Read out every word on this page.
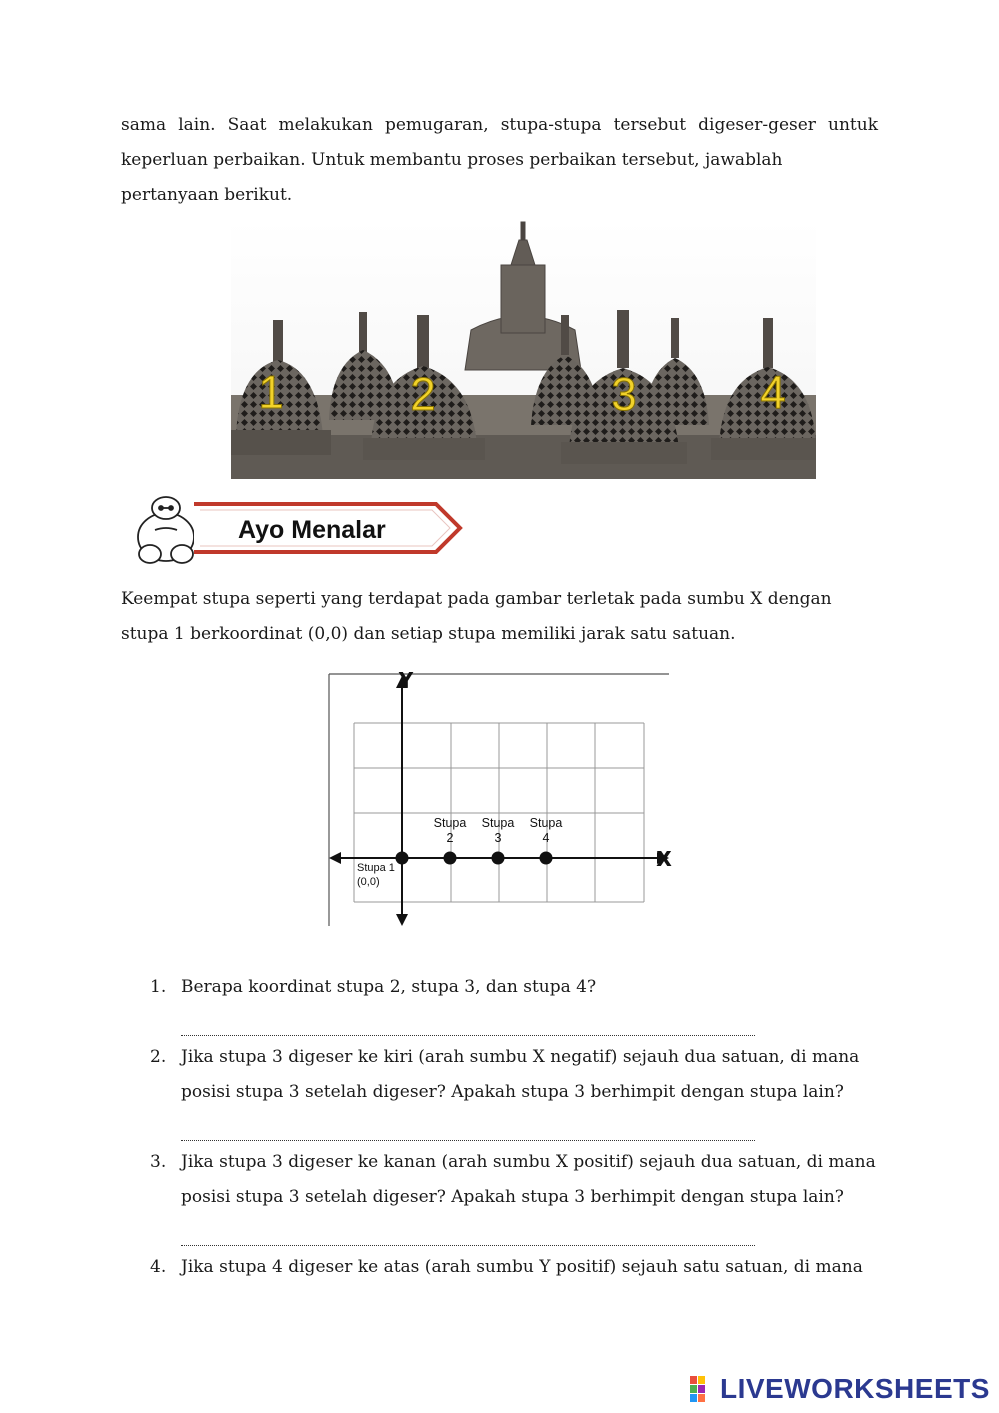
sama lain. Saat melakukan pemugaran, stupa-stupa tersebut digeser-geser untuk keperluan perbaikan. Untuk membantu proses perbaikan tersebut, jawablah
pertanyaan berikut.
1	2	3	4
Ayo Menalar
Keempat stupa seperti yang terdapat pada gambar terletak pada sumbu X dengan
stupa 1 berkoordinat (0,0) dan setiap stupa memiliki jarak satu satuan.
X
Y
Stupa 1
(0,0)
Stupa
2
Stupa
3
Stupa
4
1. Berapa koordinat stupa 2, stupa 3, dan stupa 4?
2. Jika stupa 3 digeser ke kiri (arah sumbu X negatif) sejauh dua satuan, di mana posisi stupa 3 setelah digeser? Apakah stupa 3 berhimpit dengan stupa lain?
3. Jika stupa 3 digeser ke kanan (arah sumbu X positif) sejauh dua satuan, di mana posisi stupa 3 setelah digeser? Apakah stupa 3 berhimpit dengan stupa lain?
4. Jika stupa 4 digeser ke atas (arah sumbu Y positif) sejauh satu satuan, di mana
LIVEWORKSHEETS
